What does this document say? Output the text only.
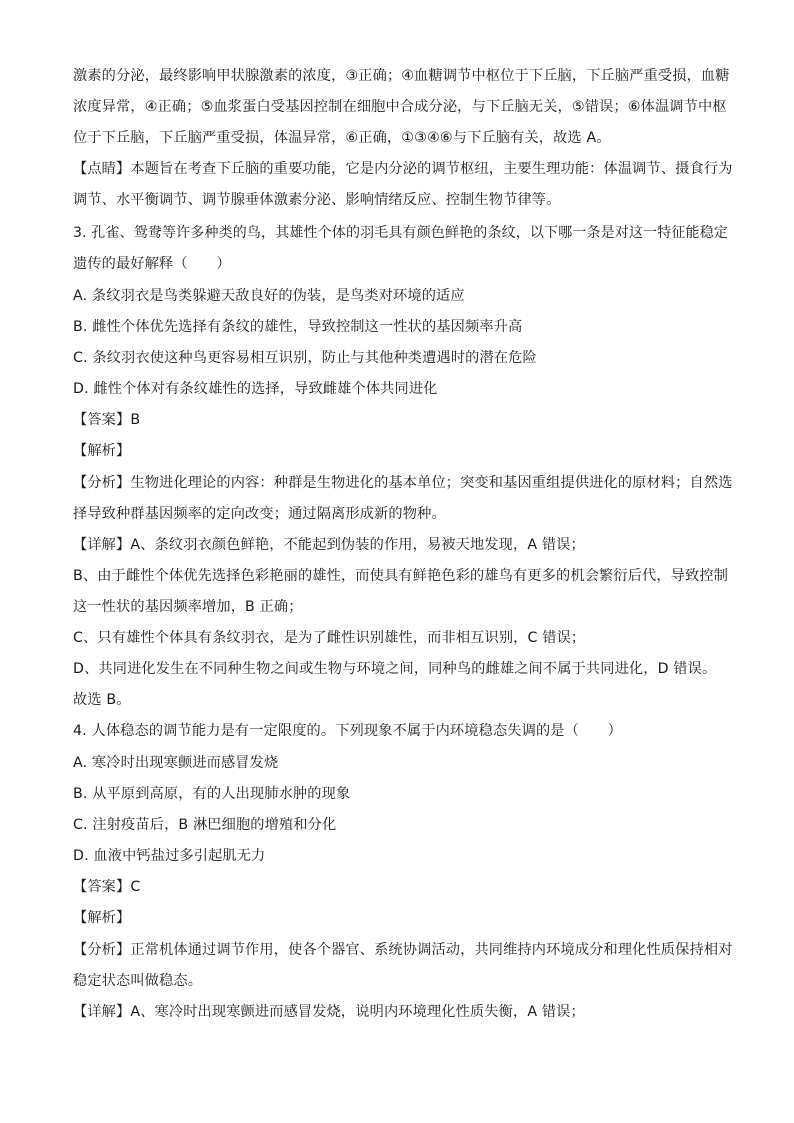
激素的分泌，最终影响甲状腺激素的浓度，③正确；④血糖调节中枢位于下丘脑，下丘脑严重受损，血糖
浓度异常，④正确；⑤血浆蛋白受基因控制在细胞中合成分泌，与下丘脑无关，⑤错误；⑥体温调节中枢
位于下丘脑，下丘脑严重受损，体温异常，⑥正确，①③④⑥与下丘脑有关，故选 A。
【点睛】本题旨在考查下丘脑的重要功能，它是内分泌的调节枢纽，主要生理功能：体温调节、摄食行为
调节、水平衡调节、调节腺垂体激素分泌、影响情绪反应、控制生物节律等。
3. 孔雀、鸳鸯等许多种类的鸟，其雄性个体的羽毛具有颜色鲜艳的条纹，以下哪一条是对这一特征能稳定
遗传的最好解释（　　）
A. 条纹羽衣是鸟类躲避天敌良好的伪装，是鸟类对环境的适应
B. 雌性个体优先选择有条纹的雄性，导致控制这一性状的基因频率升高
C. 条纹羽衣使这种鸟更容易相互识别，防止与其他种类遭遇时的潜在危险
D. 雌性个体对有条纹雄性的选择，导致雌雄个体共同进化
【答案】B
【解析】
【分析】生物进化理论的内容：种群是生物进化的基本单位；突变和基因重组提供进化的原材料；自然选
择导致种群基因频率的定向改变；通过隔离形成新的物种。
【详解】A、条纹羽衣颜色鲜艳，不能起到伪装的作用，易被天地发现，A 错误；
B、由于雌性个体优先选择色彩艳丽的雄性，而使具有鲜艳色彩的雄鸟有更多的机会繁衍后代，导致控制
这一性状的基因频率增加，B 正确；
C、只有雄性个体具有条纹羽衣，是为了雌性识别雄性，而非相互识别，C 错误；
D、共同进化发生在不同种生物之间或生物与环境之间，同种鸟的雌雄之间不属于共同进化，D 错误。
故选 B。
4. 人体稳态的调节能力是有一定限度的。下列现象不属于内环境稳态失调的是（　　）
A. 寒冷时出现寒颤进而感冒发烧
B. 从平原到高原，有的人出现肺水肿的现象
C. 注射疫苗后，B 淋巴细胞的增殖和分化
D. 血液中钙盐过多引起肌无力
【答案】C
【解析】
【分析】正常机体通过调节作用，使各个器官、系统协调活动，共同维持内环境成分和理化性质保持相对
稳定状态叫做稳态。
【详解】A、寒冷时出现寒颤进而感冒发烧，说明内环境理化性质失衡，A 错误；
